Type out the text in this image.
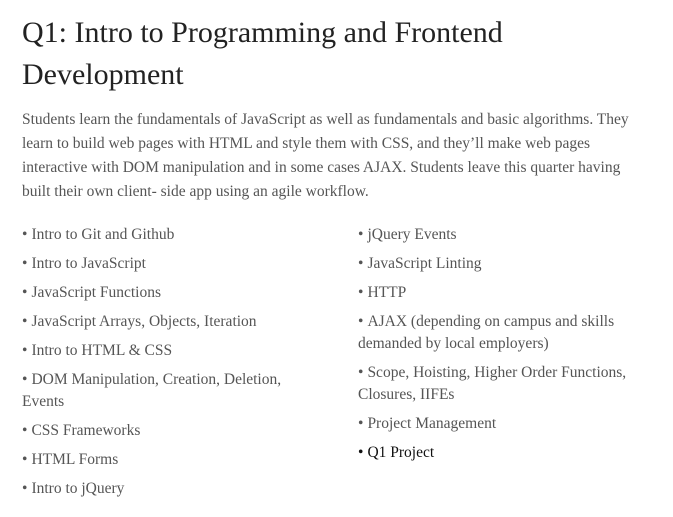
Q1: Intro to Programming and Frontend Development

Students learn the fundamentals of JavaScript as well as fundamentals and basic algorithms. They learn to build web pages with HTML and style them with CSS, and they’ll make web pages interactive with DOM manipulation and in some cases AJAX. Students leave this quarter having built their own client- side app using an agile workflow.

• Intro to Git and Github
• Intro to JavaScript
• JavaScript Functions
• JavaScript Arrays, Objects, Iteration
• Intro to HTML & CSS
• DOM Manipulation, Creation, Deletion, Events
• CSS Frameworks
• HTML Forms
• Intro to jQuery
• jQuery Events
• JavaScript Linting
• HTTP
• AJAX (depending on campus and skills demanded by local employers)
• Scope, Hoisting, Higher Order Functions, Closures, IIFEs
• Project Management
• Q1 Project
